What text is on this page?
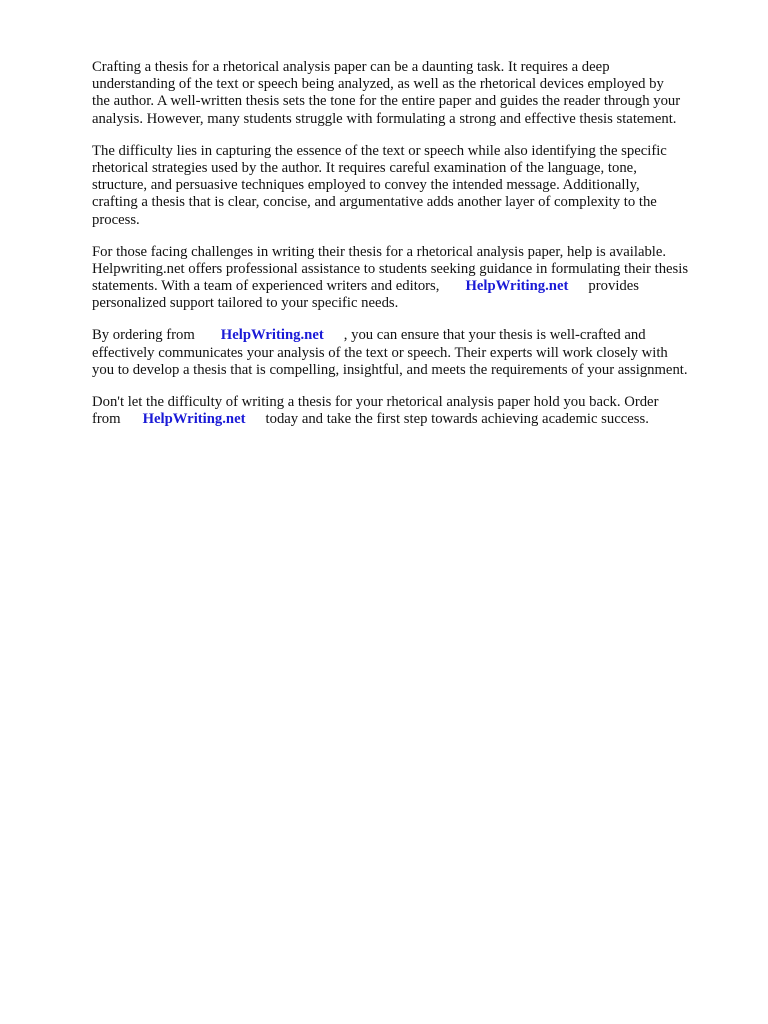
Crafting a thesis for a rhetorical analysis paper can be a daunting task. It requires a deep
understanding of the text or speech being analyzed, as well as the rhetorical devices employed by
the author. A well-written thesis sets the tone for the entire paper and guides the reader through your
analysis. However, many students struggle with formulating a strong and effective thesis statement.

The difficulty lies in capturing the essence of the text or speech while also identifying the specific
rhetorical strategies used by the author. It requires careful examination of the language, tone,
structure, and persuasive techniques employed to convey the intended message. Additionally,
crafting a thesis that is clear, concise, and argumentative adds another layer of complexity to the
process.

For those facing challenges in writing their thesis for a rhetorical analysis paper, help is available.
Helpwriting.net offers professional assistance to students seeking guidance in formulating their thesis
statements. With a team of experienced writers and editors, HelpWriting.net provides
personalized support tailored to your specific needs.

By ordering from HelpWriting.net , you can ensure that your thesis is well-crafted and
effectively communicates your analysis of the text or speech. Their experts will work closely with
you to develop a thesis that is compelling, insightful, and meets the requirements of your assignment.

Don't let the difficulty of writing a thesis for your rhetorical analysis paper hold you back. Order
from HelpWriting.net today and take the first step towards achieving academic success.
